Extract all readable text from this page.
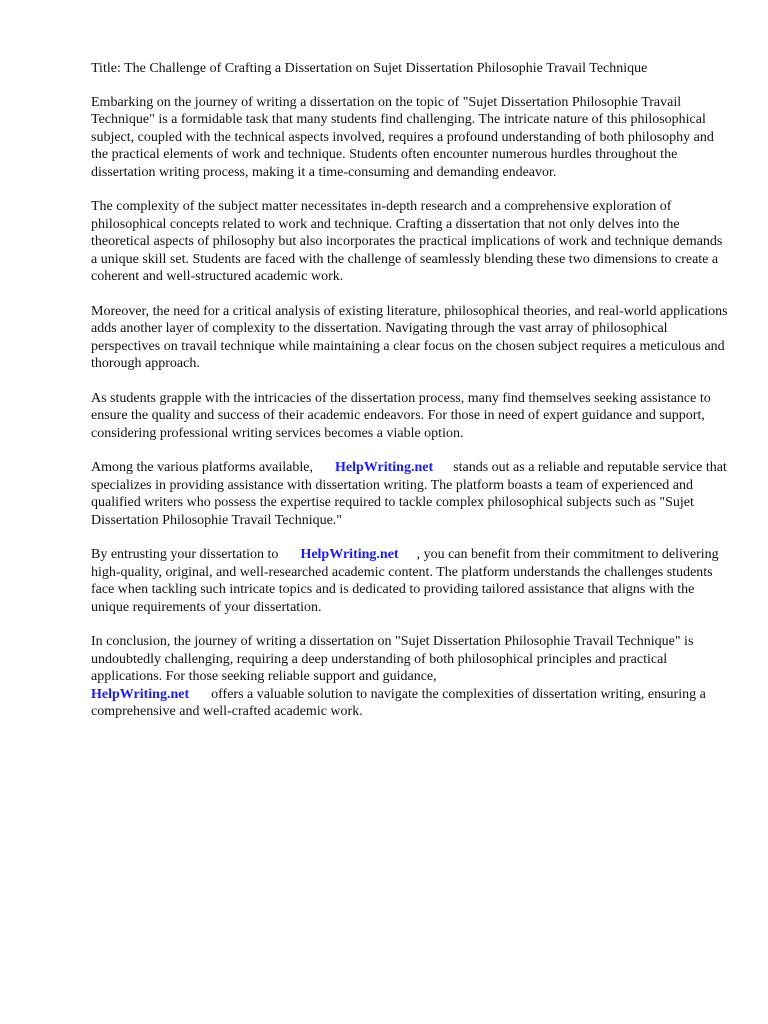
Title: The Challenge of Crafting a Dissertation on Sujet Dissertation Philosophie Travail Technique

Embarking on the journey of writing a dissertation on the topic of "Sujet Dissertation Philosophie Travail Technique" is a formidable task that many students find challenging. The intricate nature of this philosophical subject, coupled with the technical aspects involved, requires a profound understanding of both philosophy and the practical elements of work and technique. Students often encounter numerous hurdles throughout the dissertation writing process, making it a time-consuming and demanding endeavor.

The complexity of the subject matter necessitates in-depth research and a comprehensive exploration of philosophical concepts related to work and technique. Crafting a dissertation that not only delves into the theoretical aspects of philosophy but also incorporates the practical implications of work and technique demands a unique skill set. Students are faced with the challenge of seamlessly blending these two dimensions to create a coherent and well-structured academic work.

Moreover, the need for a critical analysis of existing literature, philosophical theories, and real-world applications adds another layer of complexity to the dissertation. Navigating through the vast array of philosophical perspectives on travail technique while maintaining a clear focus on the chosen subject requires a meticulous and thorough approach.

As students grapple with the intricacies of the dissertation process, many find themselves seeking assistance to ensure the quality and success of their academic endeavors. For those in need of expert guidance and support, considering professional writing services becomes a viable option.

Among the various platforms available, HelpWriting.net stands out as a reliable and reputable service that specializes in providing assistance with dissertation writing. The platform boasts a team of experienced and qualified writers who possess the expertise required to tackle complex philosophical subjects such as "Sujet Dissertation Philosophie Travail Technique."

By entrusting your dissertation to HelpWriting.net , you can benefit from their commitment to delivering high-quality, original, and well-researched academic content. The platform understands the challenges students face when tackling such intricate topics and is dedicated to providing tailored assistance that aligns with the unique requirements of your dissertation.

In conclusion, the journey of writing a dissertation on "Sujet Dissertation Philosophie Travail Technique" is undoubtedly challenging, requiring a deep understanding of both philosophical principles and practical applications. For those seeking reliable support and guidance,
HelpWriting.net offers a valuable solution to navigate the complexities of dissertation writing, ensuring a comprehensive and well-crafted academic work.
